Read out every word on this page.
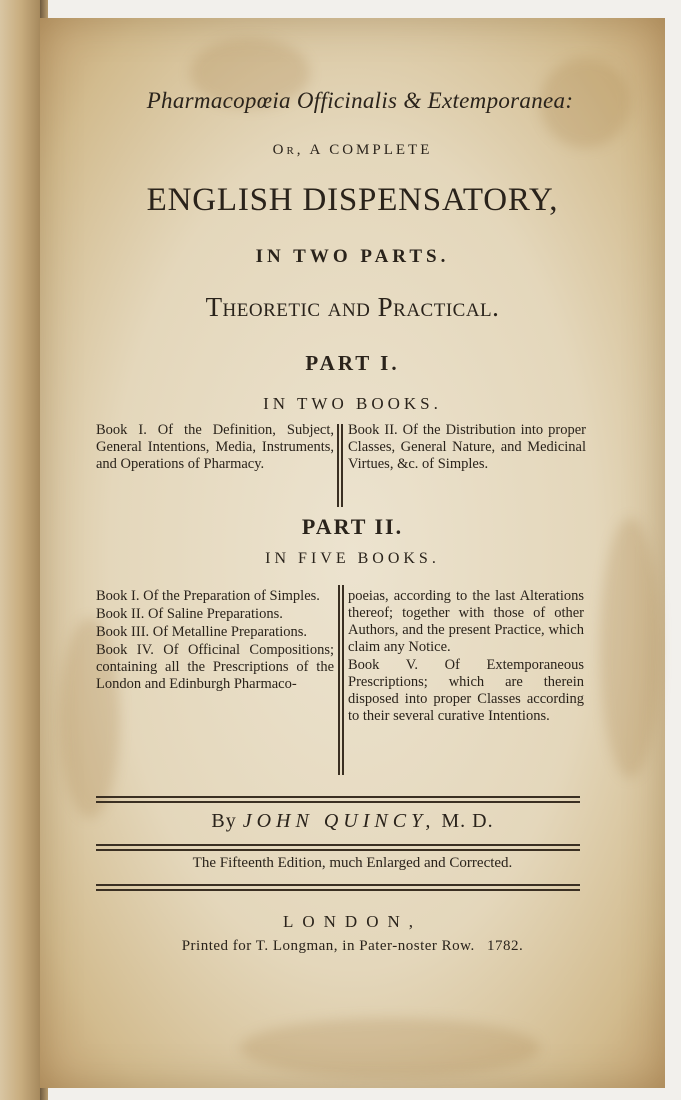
Pharmacopœia Officinalis & Extemporanea:
Or, A COMPLETE
ENGLISH DISPENSATORY,
IN TWO PARTS.
Theoretic and Practical.
PART I.
IN TWO BOOKS.
Book I. Of the Definition, Subject, General Intentions, Media, Instruments, and Operations of Pharmacy.
Book II. Of the Distribution into proper Classes, General Nature, and Medicinal Virtues, &c. of Simples.
PART II.
IN FIVE BOOKS.
Book I. Of the Preparation of Simples.
Book II. Of Saline Preparations.
Book III. Of Metalline Preparations.
Book IV. Of Officinal Compositions; containing all the Prescriptions of the London and Edinburgh Pharmaco-
poeias, according to the last Alterations thereof; together with those of other Authors, and the present Practice, which claim any Notice.
Book V. Of Extemporaneous Prescriptions; which are therein disposed into proper Classes according to their several curative Intentions.
By JOHN QUINCY, M. D.
The Fifteenth Edition, much Enlarged and Corrected.
LONDON,
Printed for T. Longman, in Pater-noster Row. 1782.
